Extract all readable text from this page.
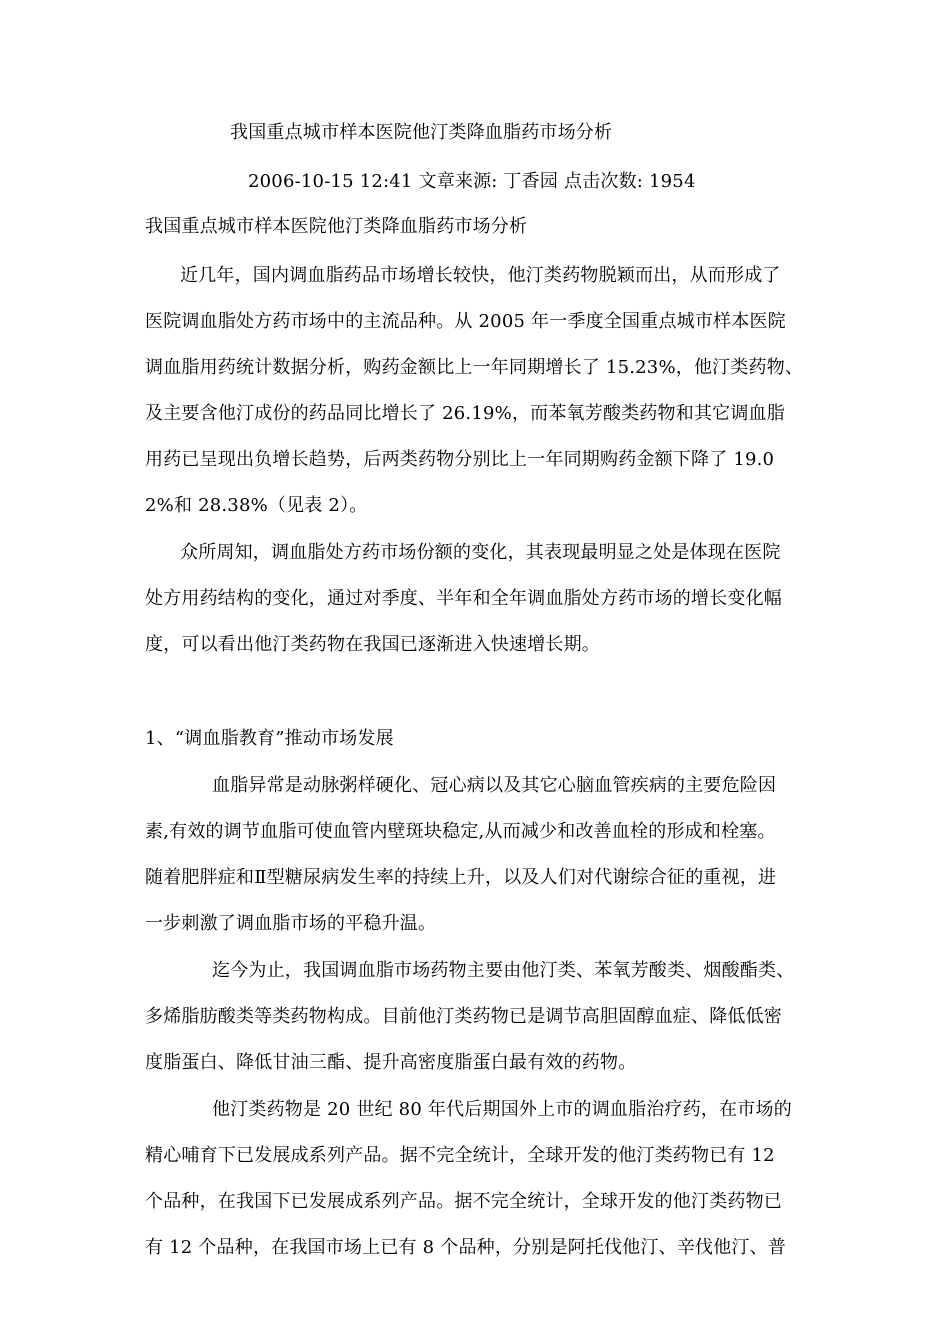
我国重点城市样本医院他汀类降血脂药市场分析
2006-10-15 12:41 文章来源: 丁香园 点击次数: 1954
我国重点城市样本医院他汀类降血脂药市场分析
近几年，国内调血脂药品市场增长较快，他汀类药物脱颖而出，从而形成了
医院调血脂处方药市场中的主流品种。从 2005 年一季度全国重点城市样本医院
调血脂用药统计数据分析，购药金额比上一年同期增长了 15.23%，他汀类药物、
及主要含他汀成份的药品同比增长了 26.19%，而苯氧芳酸类药物和其它调血脂
用药已呈现出负增长趋势，后两类药物分别比上一年同期购药金额下降了 19.0
2%和 28.38%（见表 2）。
众所周知，调血脂处方药市场份额的变化，其表现最明显之处是体现在医院
处方用药结构的变化，通过对季度、半年和全年调血脂处方药市场的增长变化幅
度，可以看出他汀类药物在我国已逐渐进入快速增长期。
1、“调血脂教育”推动市场发展
血脂异常是动脉粥样硬化、冠心病以及其它心脑血管疾病的主要危险因
素,有效的调节血脂可使血管内壁斑块稳定,从而减少和改善血栓的形成和栓塞。
随着肥胖症和Ⅱ型糖尿病发生率的持续上升，以及人们对代谢综合征的重视，进
一步刺激了调血脂市场的平稳升温。
迄今为止，我国调血脂市场药物主要由他汀类、苯氧芳酸类、烟酸酯类、
多烯脂肪酸类等类药物构成。目前他汀类药物已是调节高胆固醇血症、降低低密
度脂蛋白、降低甘油三酯、提升高密度脂蛋白最有效的药物。
他汀类药物是 20 世纪 80 年代后期国外上市的调血脂治疗药，在市场的
精心哺育下已发展成系列产品。据不完全统计，全球开发的他汀类药物已有 12
个品种，在我国下已发展成系列产品。据不完全统计，全球开发的他汀类药物已
有 12 个品种，在我国市场上已有 8 个品种，分别是阿托伐他汀、辛伐他汀、普
